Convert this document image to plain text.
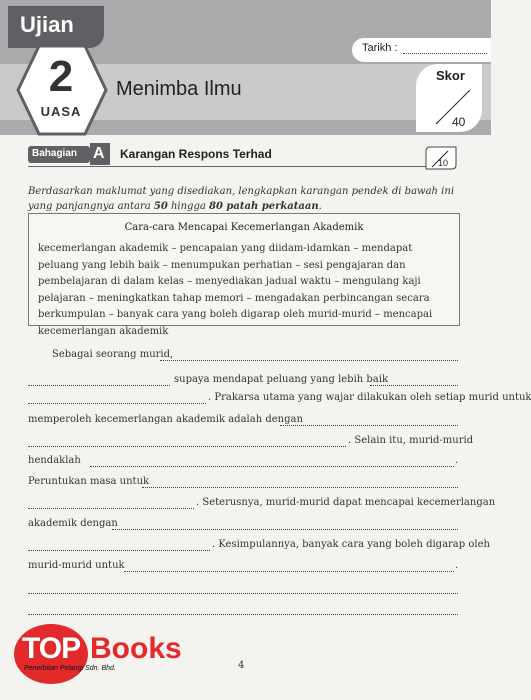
Ujian
2
UASA
Menimba Ilmu
Tarikh :
Skor
40
Bahagian A Karangan Respons Terhad
10
Berdasarkan maklumat yang disediakan, lengkapkan karangan pendek di bawah ini yang panjangnya antara 50 hingga 80 patah perkataan.
Cara-cara Mencapai Kecemerlangan Akademik
kecemerlangan akademik – pencapaian yang diidam-idamkan – mendapat peluang yang lebih baik – menumpukan perhatian – sesi pengajaran dan pembelajaran di dalam kelas – menyediakan jadual waktu – mengulang kaji pelajaran – meningkatkan tahap memori – mengadakan perbincangan secara berkumpulan – banyak cara yang boleh digarap oleh murid-murid – mencapai kecemerlangan akademik
Sebagai seorang murid,
supaya mendapat peluang yang lebih baik
. Prakarsa utama yang wajar dilakukan oleh setiap murid untuk
memperoleh kecemerlangan akademik adalah dengan
. Selain itu, murid-murid
hendaklah	.
Peruntukan masa untuk
. Seterusnya, murid-murid dapat mencapai kecemerlangan
akademik dengan
. Kesimpulannya, banyak cara yang boleh digarap oleh
murid-murid untuk	.
TOP Books
Penerbitan Pelangi Sdn. Bhd.	4
